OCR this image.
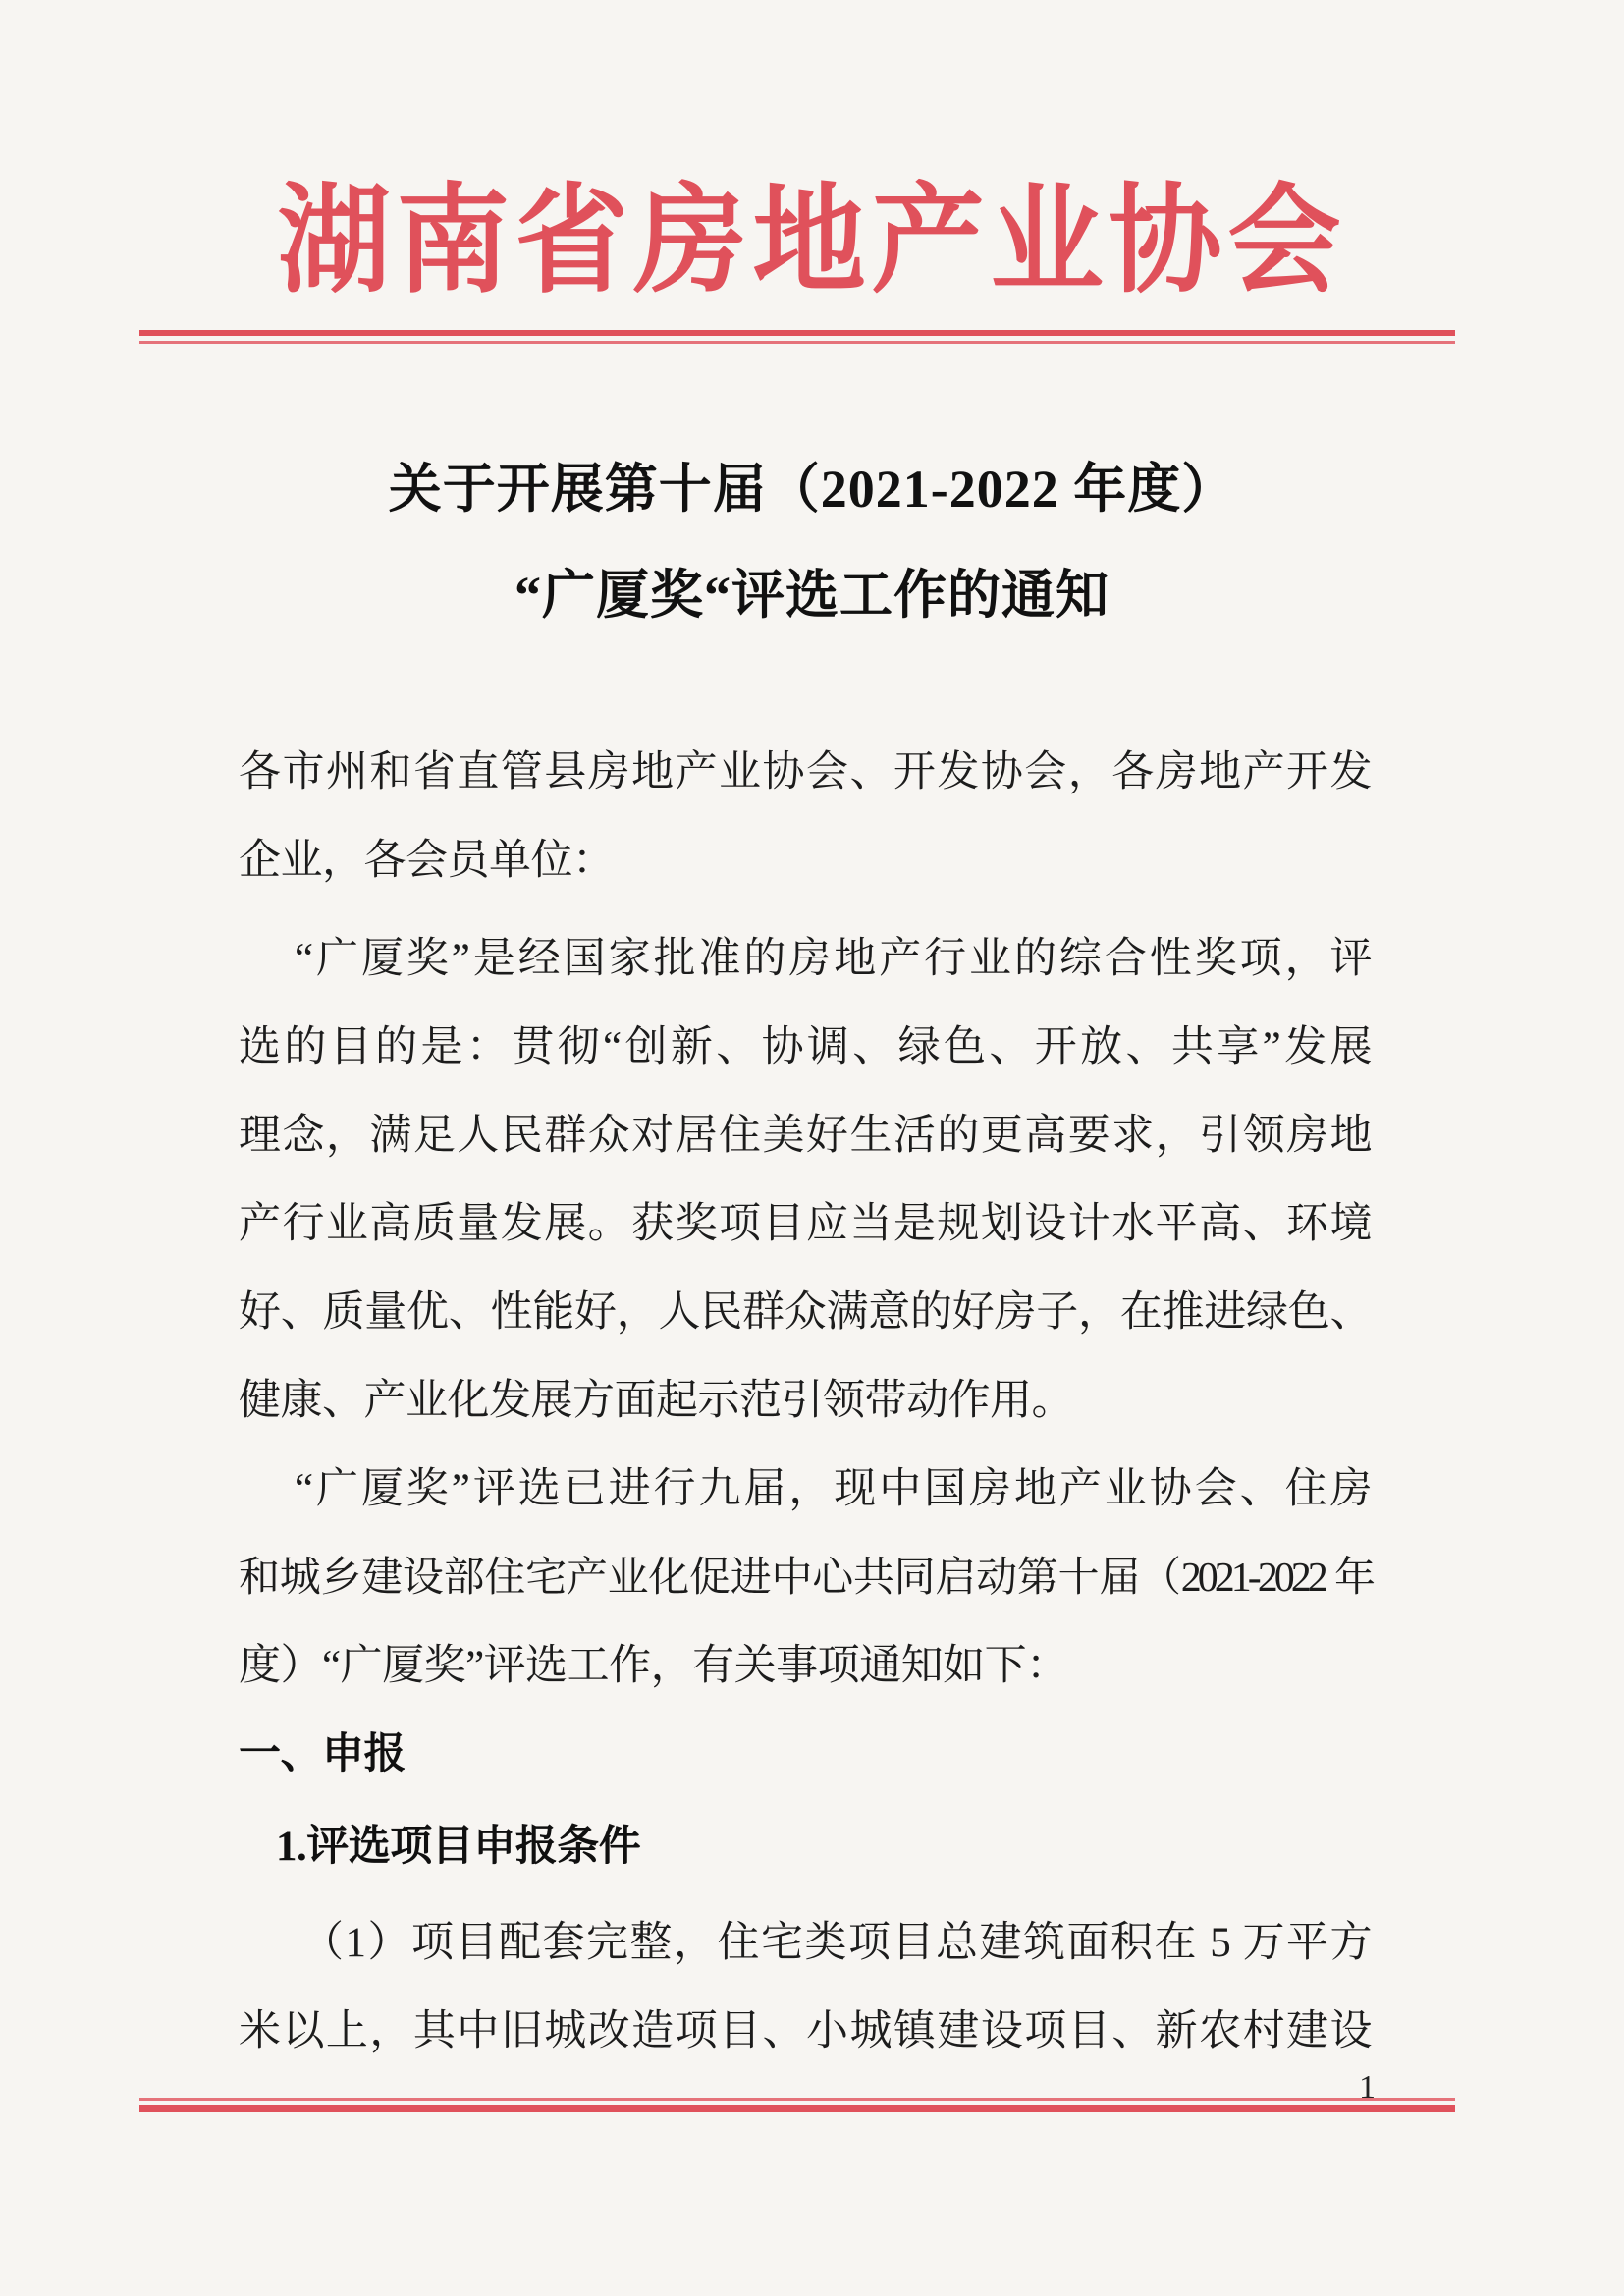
湖南省房地产业协会
关于开展第十届（2021-2022 年度）
“广厦奖“评选工作的通知

各市州和省直管县房地产业协会、开发协会，各房地产开发
企业，各会员单位：

“广厦奖”是经国家批准的房地产行业的综合性奖项，评
选的目的是：贯彻“创新、协调、绿色、开放、共享”发展
理念，满足人民群众对居住美好生活的更高要求，引领房地
产行业高质量发展。获奖项目应当是规划设计水平高、环境
好、质量优、性能好，人民群众满意的好房子，在推进绿色、
健康、产业化发展方面起示范引领带动作用。

“广厦奖”评选已进行九届，现中国房地产业协会、住房
和城乡建设部住宅产业化促进中心共同启动第十届（2021-2022 年
度）“广厦奖”评选工作，有关事项通知如下：

一、申报

1.评选项目申报条件

（1）项目配套完整，住宅类项目总建筑面积在 5 万平方
米以上，其中旧城改造项目、小城镇建设项目、新农村建设

1
